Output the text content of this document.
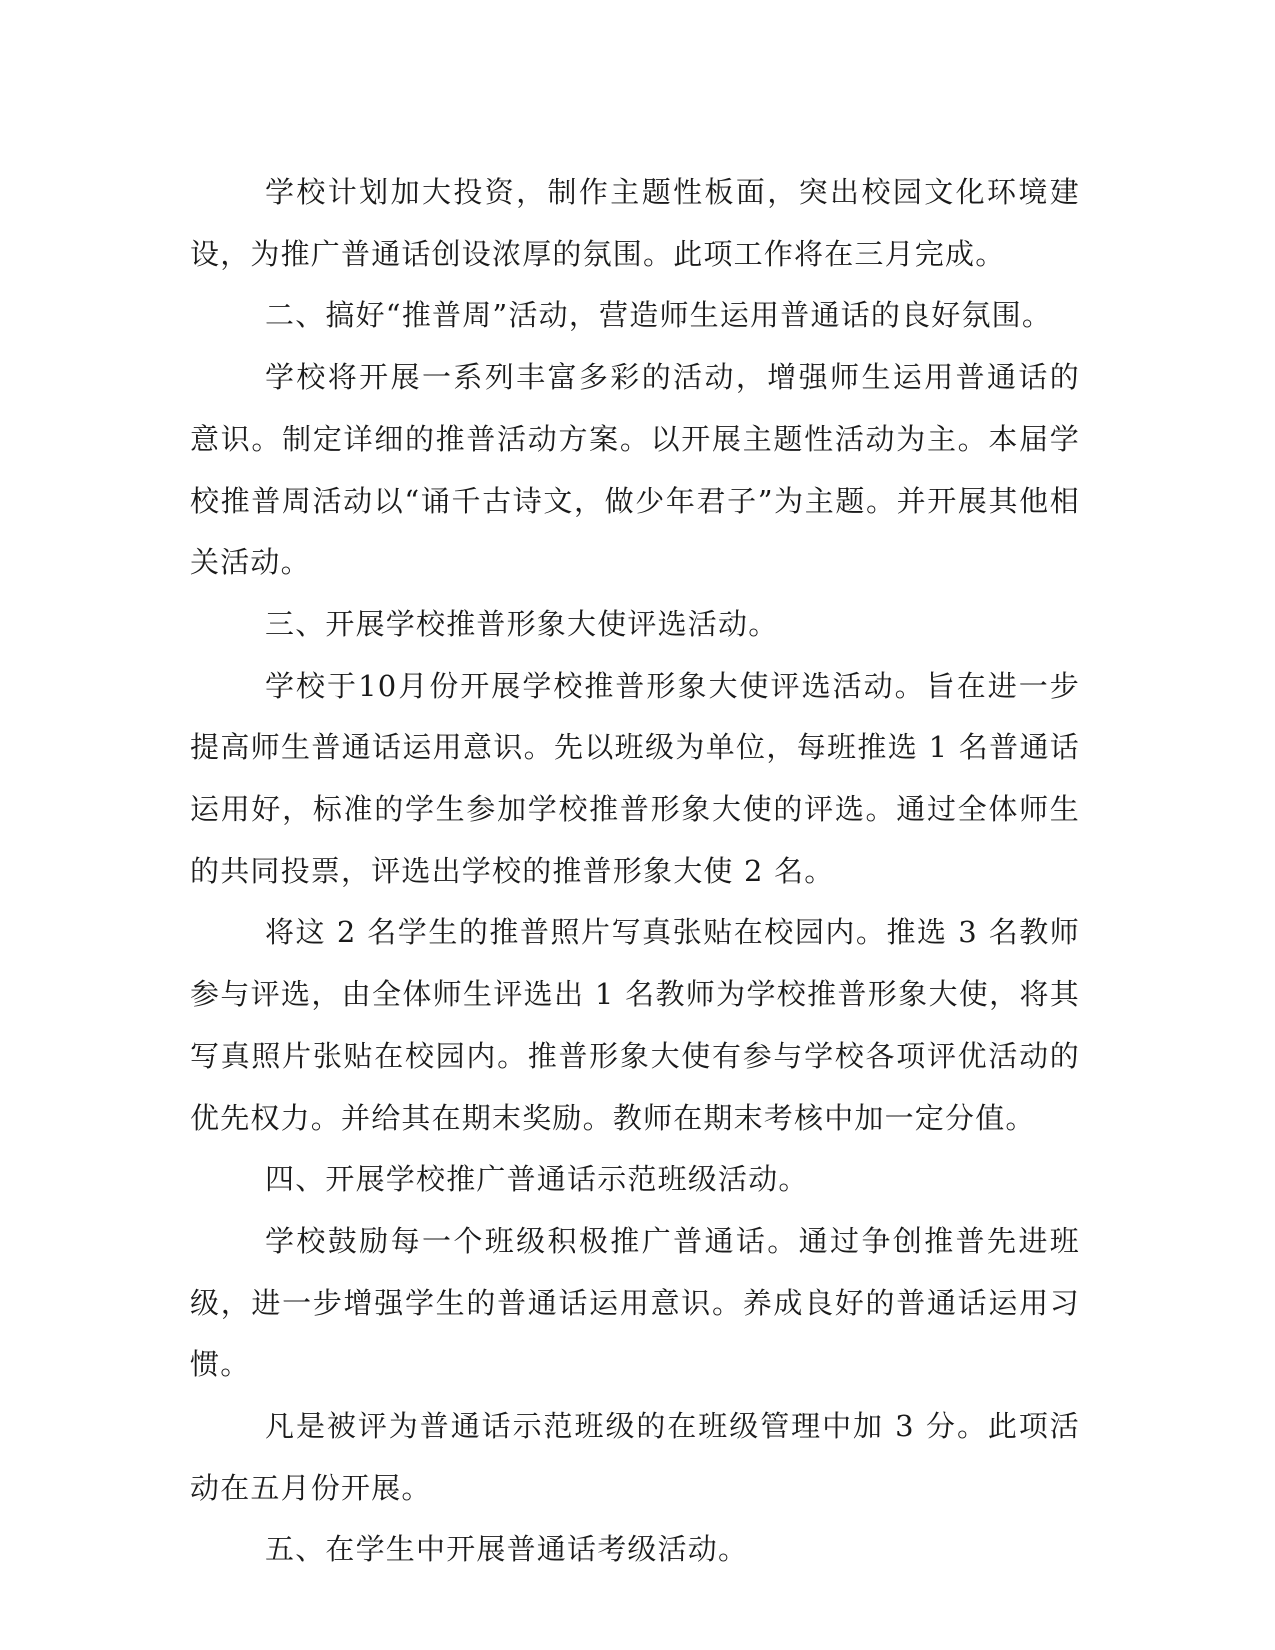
学校计划加大投资，制作主题性板面，突出校园文化环境建设，为推广普通话创设浓厚的氛围。此项工作将在三月完成。

二、搞好“推普周”活动，营造师生运用普通话的良好氛围。

学校将开展一系列丰富多彩的活动，增强师生运用普通话的意识。制定详细的推普活动方案。以开展主题性活动为主。本届学校推普周活动以“诵千古诗文，做少年君子”为主题。并开展其他相关活动。

三、开展学校推普形象大使评选活动。

学校于10月份开展学校推普形象大使评选活动。旨在进一步提高师生普通话运用意识。先以班级为单位，每班推选 1 名普通话运用好，标准的学生参加学校推普形象大使的评选。通过全体师生的共同投票，评选出学校的推普形象大使 2 名。

将这 2 名学生的推普照片写真张贴在校园内。推选 3 名教师参与评选，由全体师生评选出 1 名教师为学校推普形象大使，将其写真照片张贴在校园内。推普形象大使有参与学校各项评优活动的优先权力。并给其在期末奖励。教师在期末考核中加一定分值。

四、开展学校推广普通话示范班级活动。

学校鼓励每一个班级积极推广普通话。通过争创推普先进班级，进一步增强学生的普通话运用意识。养成良好的普通话运用习惯。

凡是被评为普通话示范班级的在班级管理中加 3 分。此项活动在五月份开展。

五、在学生中开展普通话考级活动。
